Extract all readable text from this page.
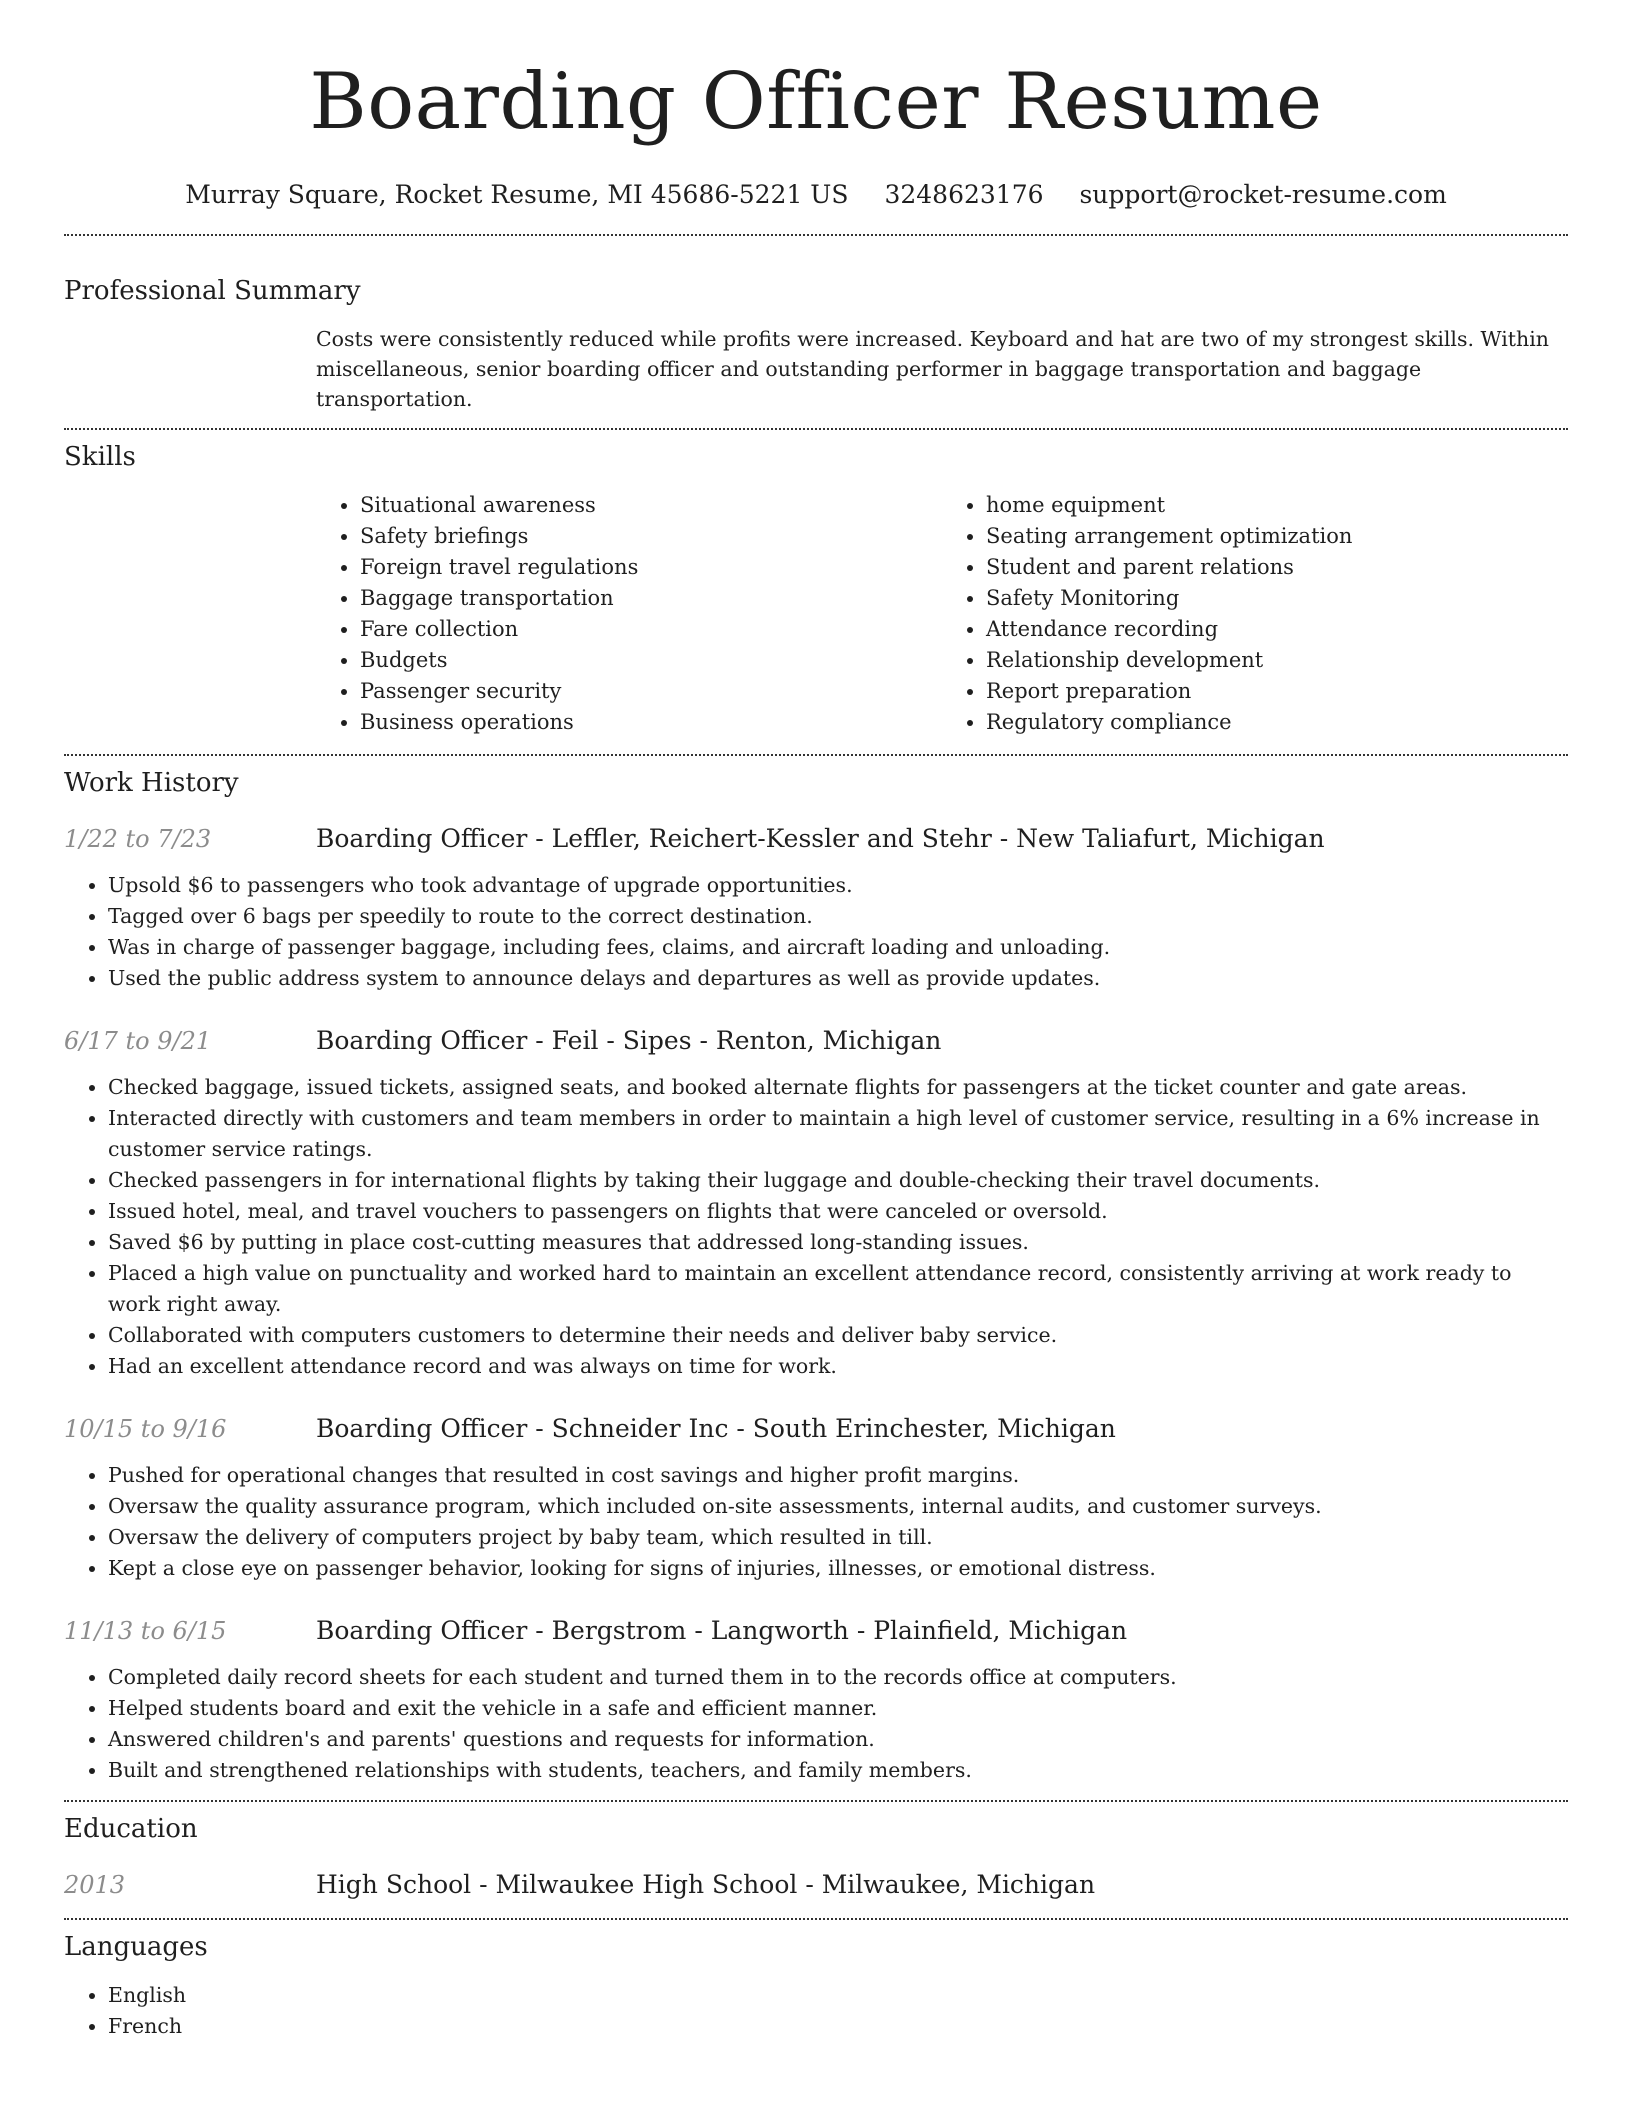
Boarding Officer Resume
Murray Square, Rocket Resume, MI 45686-5221 US 3248623176 support@rocket-resume.com
Professional Summary
Costs were consistently reduced while profits were increased. Keyboard and hat are two of my strongest skills. Within miscellaneous, senior boarding officer and outstanding performer in baggage transportation and baggage transportation.
Skills
• Situational awareness
• Safety briefings
• Foreign travel regulations
• Baggage transportation
• Fare collection
• Budgets
• Passenger security
• Business operations
• home equipment
• Seating arrangement optimization
• Student and parent relations
• Safety Monitoring
• Attendance recording
• Relationship development
• Report preparation
• Regulatory compliance
Work History
1/22 to 7/23	Boarding Officer - Leffler, Reichert-Kessler and Stehr - New Taliafurt, Michigan
• Upsold $6 to passengers who took advantage of upgrade opportunities.
• Tagged over 6 bags per speedily to route to the correct destination.
• Was in charge of passenger baggage, including fees, claims, and aircraft loading and unloading.
• Used the public address system to announce delays and departures as well as provide updates.
6/17 to 9/21	Boarding Officer - Feil - Sipes - Renton, Michigan
• Checked baggage, issued tickets, assigned seats, and booked alternate flights for passengers at the ticket counter and gate areas.
• Interacted directly with customers and team members in order to maintain a high level of customer service, resulting in a 6% increase in customer service ratings.
• Checked passengers in for international flights by taking their luggage and double-checking their travel documents.
• Issued hotel, meal, and travel vouchers to passengers on flights that were canceled or oversold.
• Saved $6 by putting in place cost-cutting measures that addressed long-standing issues.
• Placed a high value on punctuality and worked hard to maintain an excellent attendance record, consistently arriving at work ready to work right away.
• Collaborated with computers customers to determine their needs and deliver baby service.
• Had an excellent attendance record and was always on time for work.
10/15 to 9/16	Boarding Officer - Schneider Inc - South Erinchester, Michigan
• Pushed for operational changes that resulted in cost savings and higher profit margins.
• Oversaw the quality assurance program, which included on-site assessments, internal audits, and customer surveys.
• Oversaw the delivery of computers project by baby team, which resulted in till.
• Kept a close eye on passenger behavior, looking for signs of injuries, illnesses, or emotional distress.
11/13 to 6/15	Boarding Officer - Bergstrom - Langworth - Plainfield, Michigan
• Completed daily record sheets for each student and turned them in to the records office at computers.
• Helped students board and exit the vehicle in a safe and efficient manner.
• Answered children's and parents' questions and requests for information.
• Built and strengthened relationships with students, teachers, and family members.
Education
2013	High School - Milwaukee High School - Milwaukee, Michigan
Languages
• English
• French
